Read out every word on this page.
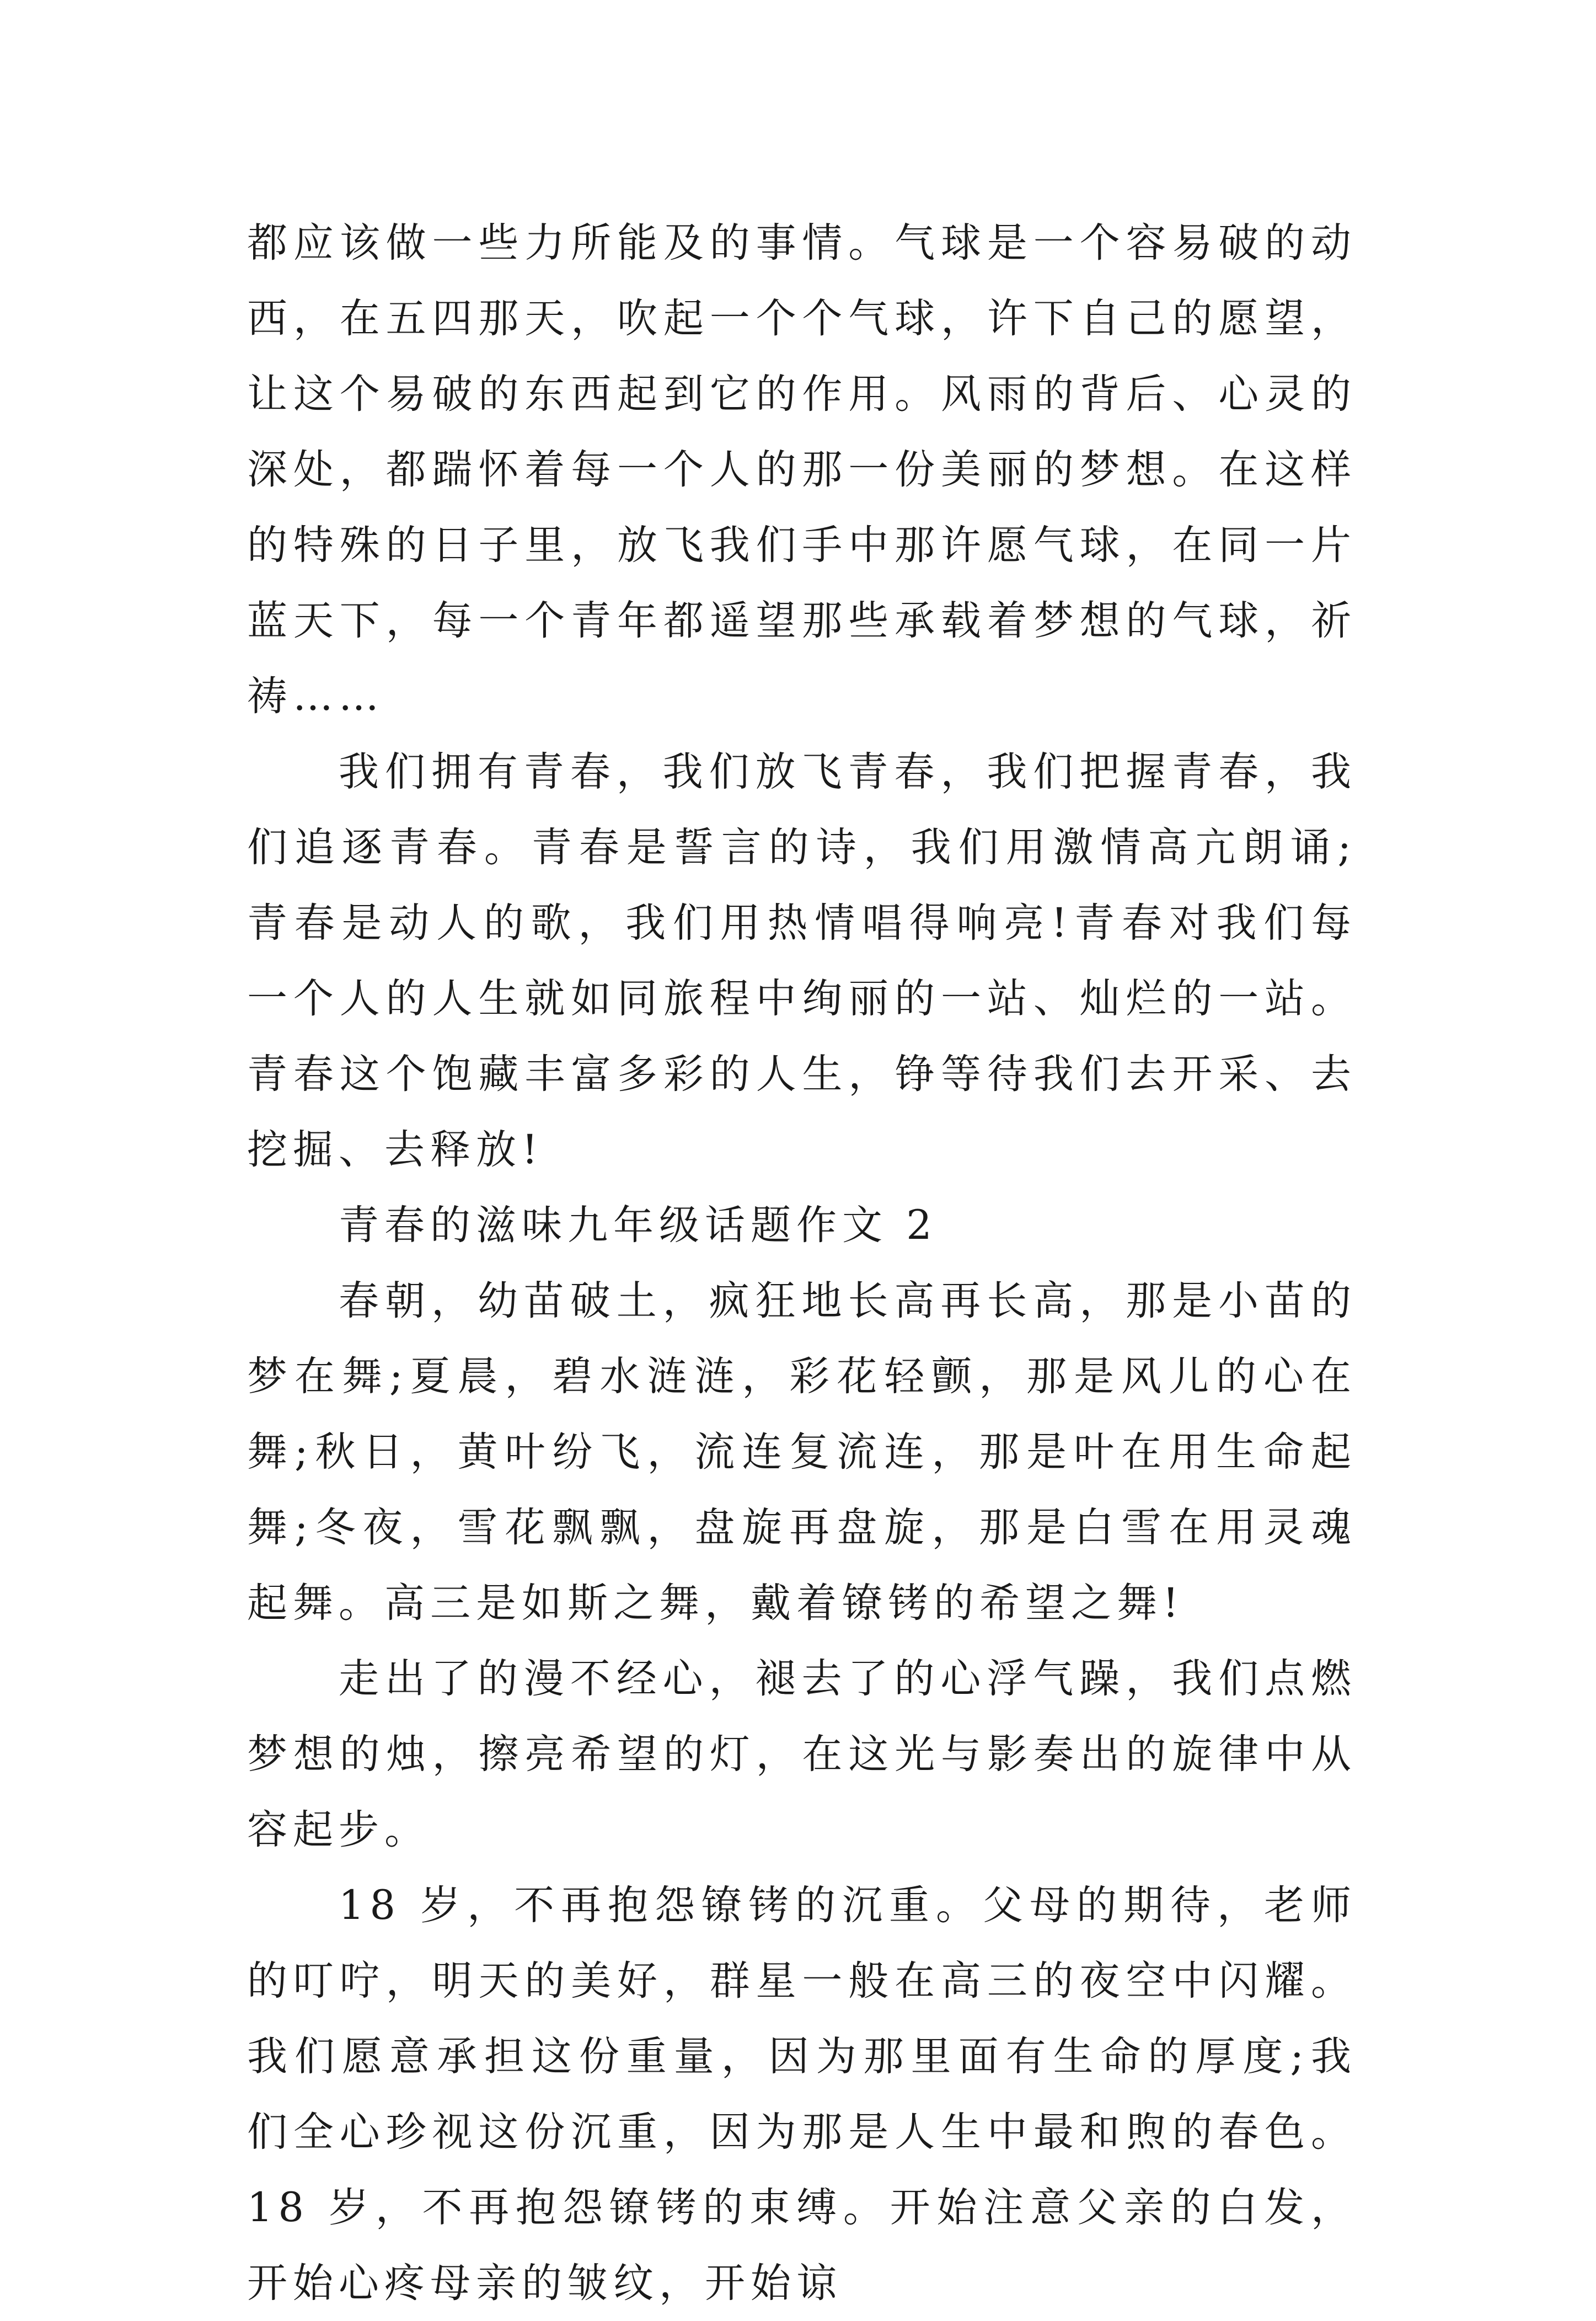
都应该做一些力所能及的事情。气球是一个容易破的动西，在五四那天，吹起一个个气球，许下自己的愿望，让这个易破的东西起到它的作用。风雨的背后、心灵的深处，都踹怀着每一个人的那一份美丽的梦想。在这样的特殊的日子里，放飞我们手中那许愿气球，在同一片蓝天下，每一个青年都遥望那些承载着梦想的气球，祈祷……

我们拥有青春，我们放飞青春，我们把握青春，我们追逐青春。青春是誓言的诗，我们用激情高亢朗诵;青春是动人的歌，我们用热情唱得响亮!青春对我们每一个人的人生就如同旅程中绚丽的一站、灿烂的一站。青春这个饱藏丰富多彩的人生，铮等待我们去开采、去挖掘、去释放!

青春的滋味九年级话题作文 2

春朝，幼苗破土，疯狂地长高再长高，那是小苗的梦在舞;夏晨，碧水涟涟，彩花轻颤，那是风儿的心在舞;秋日，黄叶纷飞，流连复流连，那是叶在用生命起舞;冬夜，雪花飘飘，盘旋再盘旋，那是白雪在用灵魂起舞。高三是如斯之舞，戴着镣铐的希望之舞!

走出了的漫不经心，褪去了的心浮气躁，我们点燃梦想的烛，擦亮希望的灯，在这光与影奏出的旋律中从容起步。

18 岁，不再抱怨镣铐的沉重。父母的期待，老师的叮咛，明天的美好，群星一般在高三的夜空中闪耀。我们愿意承担这份重量，因为那里面有生命的厚度;我们全心珍视这份沉重，因为那是人生中最和煦的春色。18 岁，不再抱怨镣铐的束缚。开始注意父亲的白发，开始心疼母亲的皱纹，开始谅
